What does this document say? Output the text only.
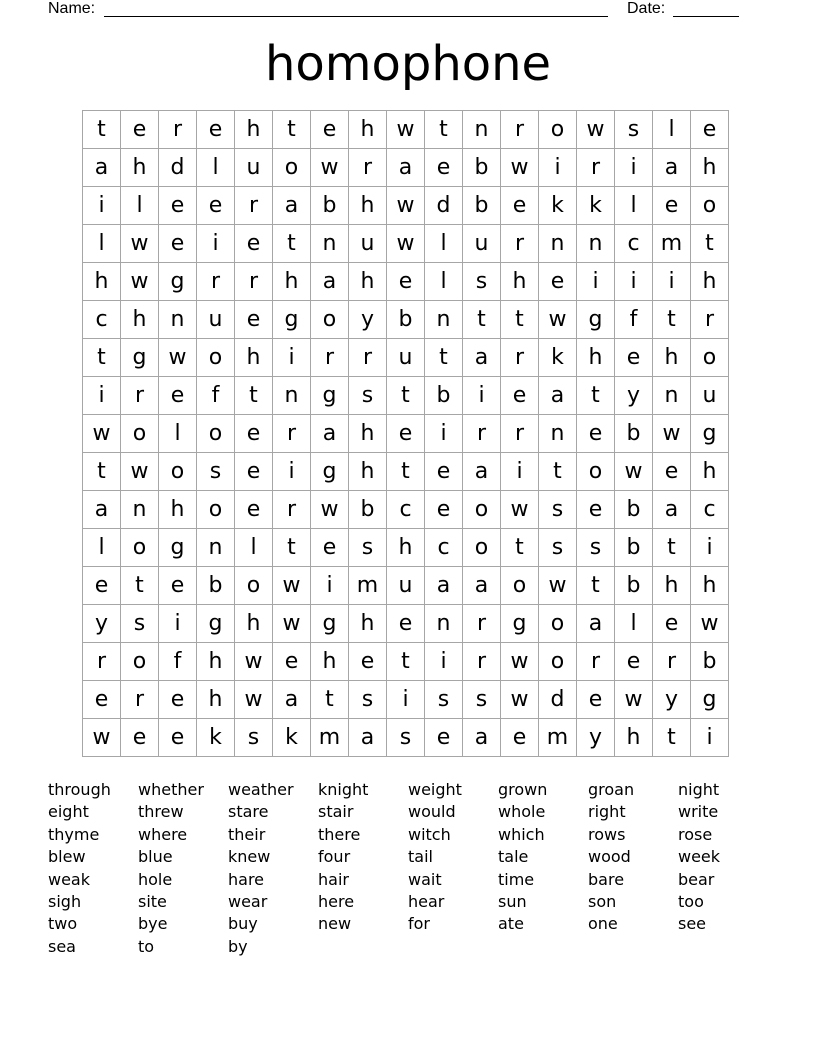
Name:	Date:
homophone
t	e	r	e	h	t	e	h	w	t	n	r	o	w	s	l	e
a	h	d	l	u	o	w	r	a	e	b	w	i	r	i	a	h
i	l	e	e	r	a	b	h	w	d	b	e	k	k	l	e	o
l	w	e	i	e	t	n	u	w	l	u	r	n	n	c	m	t
h	w	g	r	r	h	a	h	e	l	s	h	e	i	i	i	h
c	h	n	u	e	g	o	y	b	n	t	t	w	g	f	t	r
t	g	w	o	h	i	r	r	u	t	a	r	k	h	e	h	o
i	r	e	f	t	n	g	s	t	b	i	e	a	t	y	n	u
w	o	l	o	e	r	a	h	e	i	r	r	n	e	b	w	g
t	w	o	s	e	i	g	h	t	e	a	i	t	o	w	e	h
a	n	h	o	e	r	w	b	c	e	o	w	s	e	b	a	c
l	o	g	n	l	t	e	s	h	c	o	t	s	s	b	t	i
e	t	e	b	o	w	i	m	u	a	a	o	w	t	b	h	h
y	s	i	g	h	w	g	h	e	n	r	g	o	a	l	e	w
r	o	f	h	w	e	h	e	t	i	r	w	o	r	e	r	b
e	r	e	h	w	a	t	s	i	s	s	w	d	e	w	y	g
w	e	e	k	s	k	m	a	s	e	a	e	m	y	h	t	i
through	whether	weather	knight	weight	grown	groan	night
eight	threw	stare	stair	would	whole	right	write
thyme	where	their	there	witch	which	rows	rose
blew	blue	knew	four	tail	tale	wood	week
weak	hole	hare	hair	wait	time	bare	bear
sigh	site	wear	here	hear	sun	son	too
two	bye	buy	new	for	ate	one	see
sea	to	by
